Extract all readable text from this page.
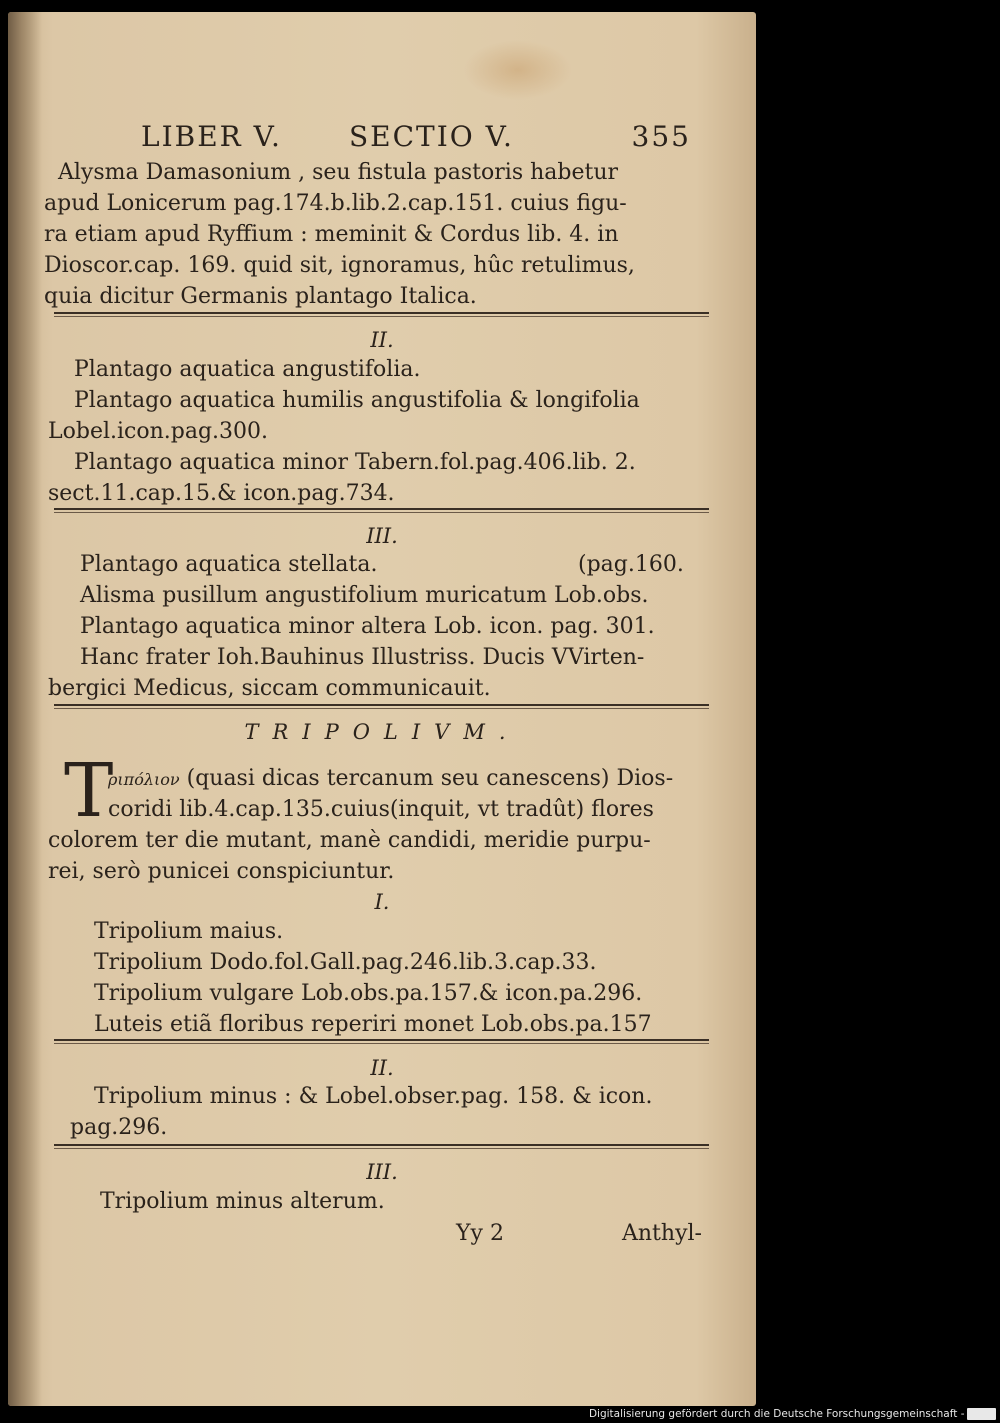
LIBER V. SECTIO V.	355

Alysma Damasonium , seu fistula pastoris habetur

apud Lonicerum pag.174.b.lib.2.cap.151. cuius figu-

ra etiam apud Ryffium : meminit & Cordus lib. 4. in

Dioscor.cap. 169. quid sit, ignoramus, hûc retulimus,

quia dicitur Germanis plantago Italica.

II.

Plantago aquatica angustifolia.

Plantago aquatica humilis angustifolia & longifolia

Lobel.icon.pag.300.

Plantago aquatica minor Tabern.fol.pag.406.lib. 2.

sect.11.cap.15.& icon.pag.734.

III.

Plantago aquatica stellata.	(pag.160.

Alisma pusillum angustifolium muricatum Lob.obs.

Plantago aquatica minor altera Lob. icon. pag. 301.

Hanc frater Ioh.Bauhinus Illustriss. Ducis VVirten-

bergici Medicus, siccam communicauit.

TRIPOLIVM.

T

ριπόλιον (quasi dicas tercanum seu canescens) Dios-

coridi lib.4.cap.135.cuius(inquit, vt tradût) flores

colorem ter die mutant, manè candidi, meridie purpu-

rei, serò punicei conspiciuntur.

I.

Tripolium maius.

Tripolium Dodo.fol.Gall.pag.246.lib.3.cap.33.

Tripolium vulgare Lob.obs.pa.157.& icon.pa.296.

Luteis etiã floribus reperiri monet Lob.obs.pa.157

II.

Tripolium minus : & Lobel.obser.pag. 158. & icon.

pag.296.

III.

Tripolium minus alterum.

Yy 2	Anthyl-

Digitalisierung gefördert durch die Deutsche Forschungsgemeinschaft - DFG
